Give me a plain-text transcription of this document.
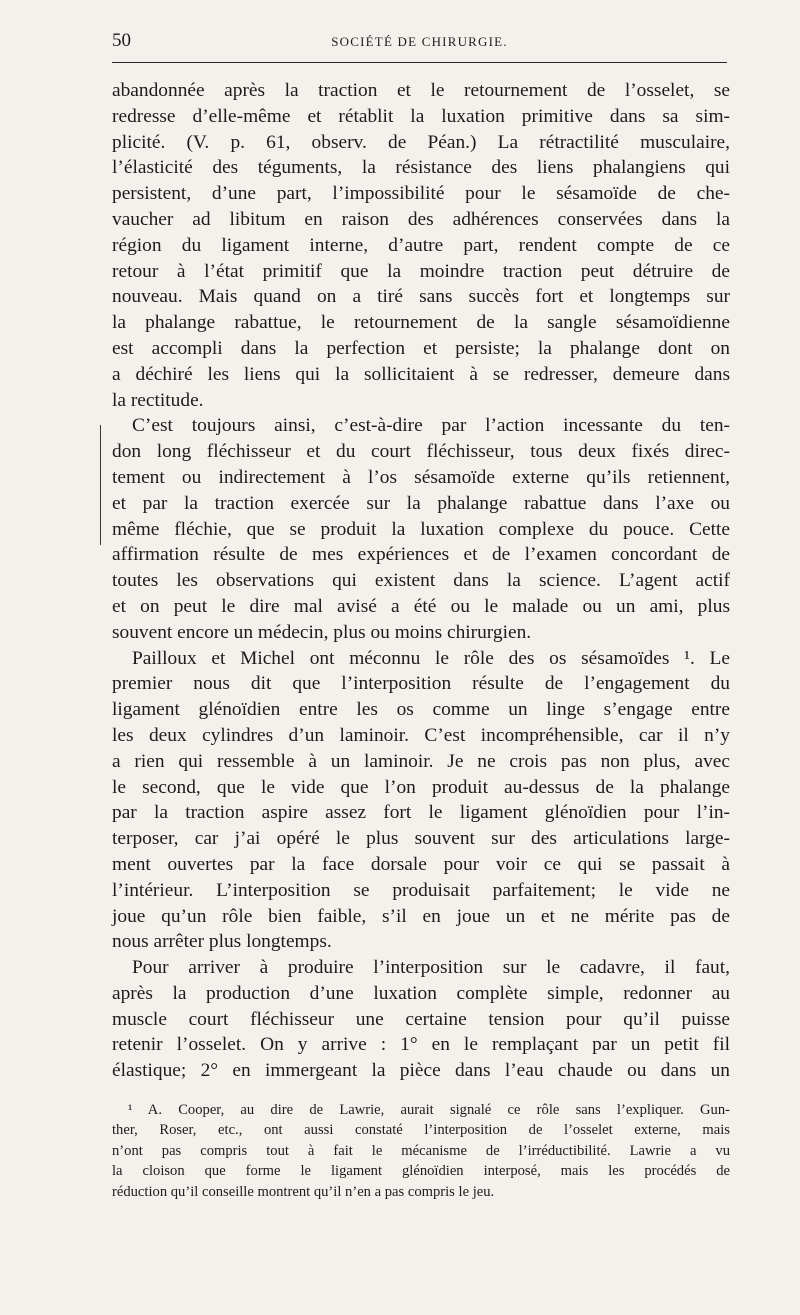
50	SOCIÉTÉ DE CHIRURGIE.
abandonnée après la traction et le retournement de l’osselet, se
redresse d’elle-même et rétablit la luxation primitive dans sa sim-
plicité. (V. p. 61, observ. de Péan.) La rétractilité musculaire,
l’élasticité des téguments, la résistance des liens phalangiens qui
persistent, d’une part, l’impossibilité pour le sésamoïde de che-
vaucher ad libitum en raison des adhérences conservées dans la
région du ligament interne, d’autre part, rendent compte de ce
retour à l’état primitif que la moindre traction peut détruire de
nouveau. Mais quand on a tiré sans succès fort et longtemps sur
la phalange rabattue, le retournement de la sangle sésamoïdienne
est accompli dans la perfection et persiste; la phalange dont on
a déchiré les liens qui la sollicitaient à se redresser, demeure dans
la rectitude.
C’est toujours ainsi, c’est-à-dire par l’action incessante du ten-
don long fléchisseur et du court fléchisseur, tous deux fixés direc-
tement ou indirectement à l’os sésamoïde externe qu’ils retiennent,
et par la traction exercée sur la phalange rabattue dans l’axe ou
même fléchie, que se produit la luxation complexe du pouce. Cette
affirmation résulte de mes expériences et de l’examen concordant de
toutes les observations qui existent dans la science. L’agent actif
et on peut le dire mal avisé a été ou le malade ou un ami, plus
souvent encore un médecin, plus ou moins chirurgien.
Pailloux et Michel ont méconnu le rôle des os sésamoïdes ¹. Le
premier nous dit que l’interposition résulte de l’engagement du
ligament glénoïdien entre les os comme un linge s’engage entre
les deux cylindres d’un laminoir. C’est incompréhensible, car il n’y
a rien qui ressemble à un laminoir. Je ne crois pas non plus, avec
le second, que le vide que l’on produit au-dessus de la phalange
par la traction aspire assez fort le ligament glénoïdien pour l’in-
terposer, car j’ai opéré le plus souvent sur des articulations large-
ment ouvertes par la face dorsale pour voir ce qui se passait à
l’intérieur. L’interposition se produisait parfaitement; le vide ne
joue qu’un rôle bien faible, s’il en joue un et ne mérite pas de
nous arrêter plus longtemps.
Pour arriver à produire l’interposition sur le cadavre, il faut,
après la production d’une luxation complète simple, redonner au
muscle court fléchisseur une certaine tension pour qu’il puisse
retenir l’osselet. On y arrive : 1° en le remplaçant par un petit fil
élastique; 2° en immergeant la pièce dans l’eau chaude ou dans un
¹ A. Cooper, au dire de Lawrie, aurait signalé ce rôle sans l’expliquer. Gun-
ther, Roser, etc., ont aussi constaté l’interposition de l’osselet externe, mais
n’ont pas compris tout à fait le mécanisme de l’irréductibilité. Lawrie a vu
la cloison que forme le ligament glénoïdien interposé, mais les procédés de
réduction qu’il conseille montrent qu’il n’en a pas compris le jeu.
